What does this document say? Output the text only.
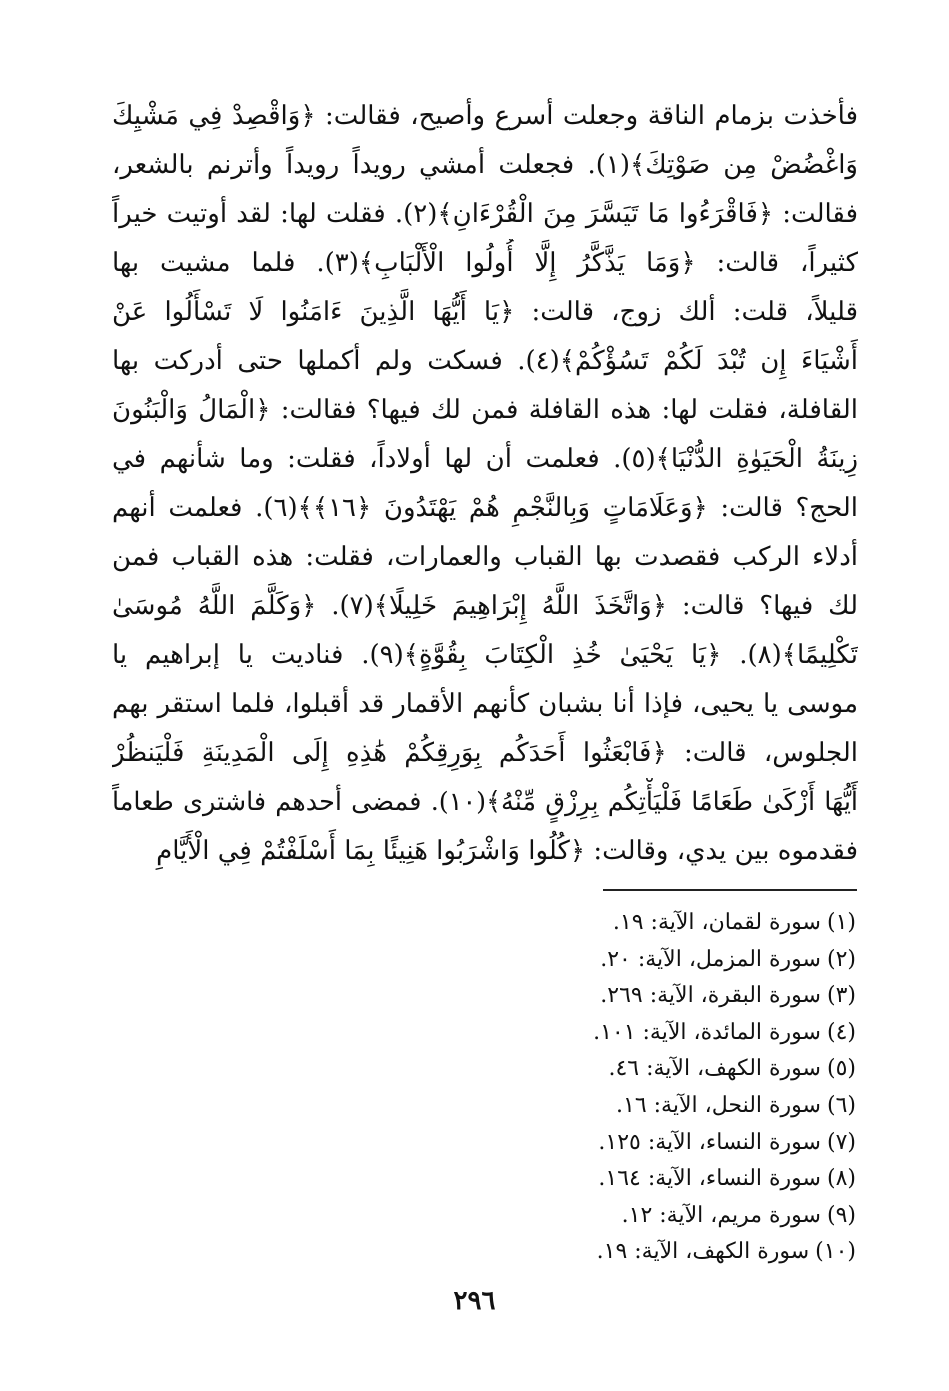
فأخذت بزمام الناقة وجعلت أسرع وأصيح، فقالت: ﴿وَاقْصِدْ فِي مَشْيِكَ
وَاغْضُضْ مِن صَوْتِكَ﴾(١). فجعلت أمشي رويداً رويداً وأترنم بالشعر،
فقالت: ﴿فَاقْرَءُوا مَا تَيَسَّرَ مِنَ الْقُرْءَانِ﴾(٢). فقلت لها: لقد أوتيت خيراً
كثيراً، قالت: ﴿وَمَا يَذَّكَّرُ إِلَّا أُولُوا الْأَلْبَابِ﴾(٣). فلما مشيت بها
قليلاً، قلت: ألك زوج، قالت: ﴿يَا أَيُّهَا الَّذِينَ ءَامَنُوا لَا تَسْأَلُوا عَنْ
أَشْيَاءَ إِن تُبْدَ لَكُمْ تَسُؤْكُمْ﴾(٤). فسكت ولم أكملها حتى أدركت بها
القافلة، فقلت لها: هذه القافلة فمن لك فيها؟ فقالت: ﴿الْمَالُ وَالْبَنُونَ
زِينَةُ الْحَيَوٰةِ الدُّنْيَا﴾(٥). فعلمت أن لها أولاداً، فقلت: وما شأنهم في
الحج؟ قالت: ﴿وَعَلَامَاتٍ وَبِالنَّجْمِ هُمْ يَهْتَدُونَ ﴿١٦﴾﴾(٦). فعلمت أنهم
أدلاء الركب فقصدت بها القباب والعمارات، فقلت: هذه القباب فمن
لك فيها؟ قالت: ﴿وَاتَّخَذَ اللَّهُ إِبْرَاهِيمَ خَلِيلًا﴾(٧). ﴿وَكَلَّمَ اللَّهُ مُوسَىٰ
تَكْلِيمًا﴾(٨). ﴿يَا يَحْيَىٰ خُذِ الْكِتَابَ بِقُوَّةٍ﴾(٩). فناديت يا إبراهيم يا
موسى يا يحيى، فإذا أنا بشبان كأنهم الأقمار قد أقبلوا، فلما استقر بهم
الجلوس، قالت: ﴿فَابْعَثُوا أَحَدَكُم بِوَرِقِكُمْ هَٰذِهِ إِلَى الْمَدِينَةِ فَلْيَنظُرْ
أَيُّهَا أَزْكَىٰ طَعَامًا فَلْيَأْتِكُم بِرِزْقٍ مِّنْهُ﴾(١٠). فمضى أحدهم فاشترى طعاماً
فقدموه بين يدي، وقالت: ﴿كُلُوا وَاشْرَبُوا هَنِيئًا بِمَا أَسْلَفْتُمْ فِي الْأَيَّامِ
(١)سورة لقمان، الآية: ١٩.
(٢)سورة المزمل، الآية: ٢٠.
(٣)سورة البقرة، الآية: ٢٦٩.
(٤)سورة المائدة، الآية: ١٠١.
(٥)سورة الكهف، الآية: ٤٦.
(٦)سورة النحل، الآية: ١٦.
(٧)سورة النساء، الآية: ١٢٥.
(٨)سورة النساء، الآية: ١٦٤.
(٩)سورة مريم، الآية: ١٢.
(١٠)سورة الكهف، الآية: ١٩.
٢٩٦
